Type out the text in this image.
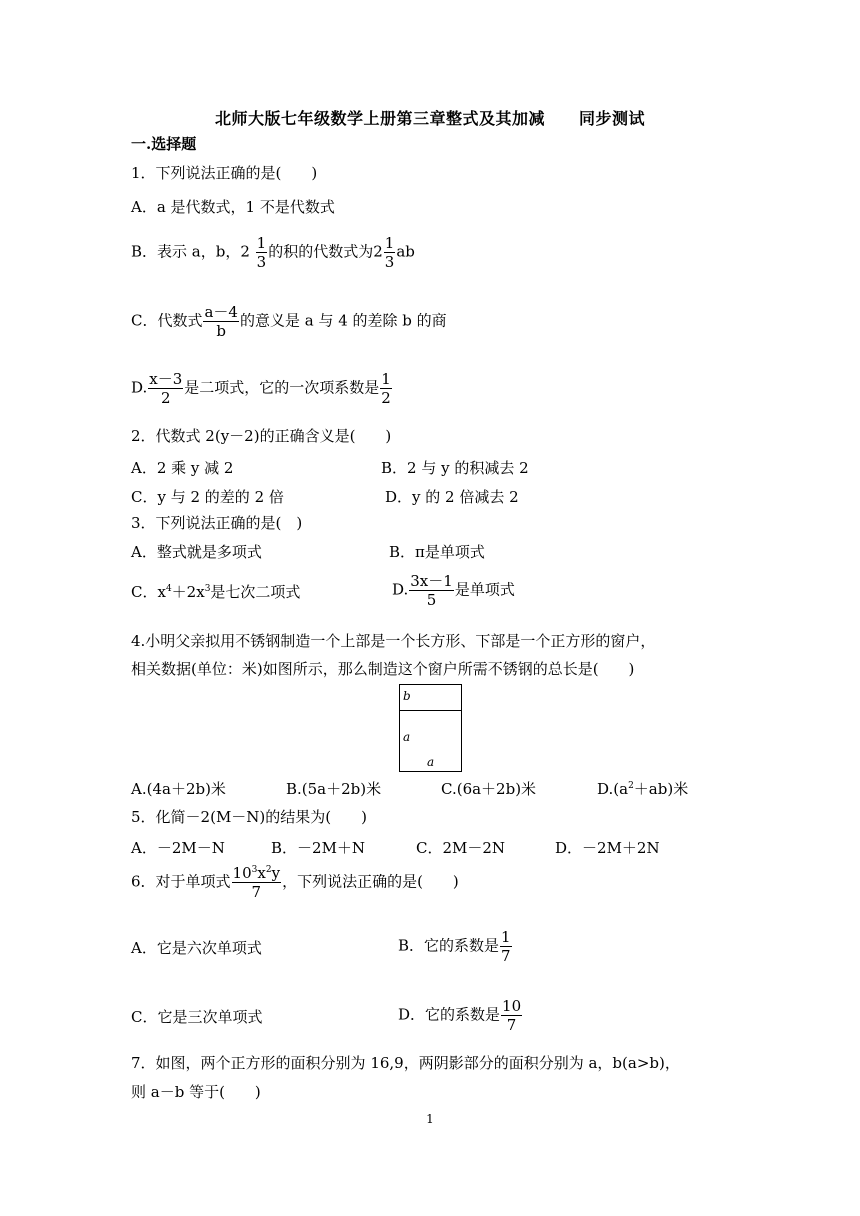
北师大版七年级数学上册第三章整式及其加减 同步测试
一.选择题
1．下列说法正确的是(　　)
A．a 是代数式，1 不是代数式
B．表示 a，b，$2 \frac{1}{3}$ 的积的代数式为$2 \frac{1}{3}$ ab
C．代数式 $\frac{a-4}{b}$ 的意义是 a 与 4 的差除 b 的商
D. $\frac{x-3}{2}$ 是二项式，它的一次项系数是 $\frac{1}{2}$
2．代数式 2(y－2)的正确含义是(　　)
A．2 乘 y 减 2	B．2 与 y 的积减去 2
C．y 与 2 的差的 2 倍	D．y 的 2 倍减去 2
3．下列说法正确的是(　)
A．整式就是多项式	B．π是单项式
C．$x^4+2x^3$是七次二项式	D. $\frac{3x-1}{5}$ 是单项式
4.小明父亲拟用不锈钢制造一个上部是一个长方形、下部是一个正方形的窗户，
相关数据(单位：米)如图所示，那么制造这个窗户所需不锈钢的总长是(　　)
b
a
a
A.(4a＋2b)米	B.(5a＋2b)米	C.(6a＋2b)米	$D.(a^2+ab)$米
5．化简－2(M－N)的结果为(　　)
A．－2M－N	B．－2M＋N	C．2M－2N	D．－2M＋2N
6．对于单项式 $\frac{10^3x^2y}{7}$ ，下列说法正确的是(　　)
A．它是六次单项式	B．它的系数是 $\frac{1}{7}$
C．它是三次单项式	D．它的系数是 $\frac{10}{7}$
7．如图，两个正方形的面积分别为 16,9，两阴影部分的面积分别为 a，b(a>b)，
则 a－b 等于(　　)
1
